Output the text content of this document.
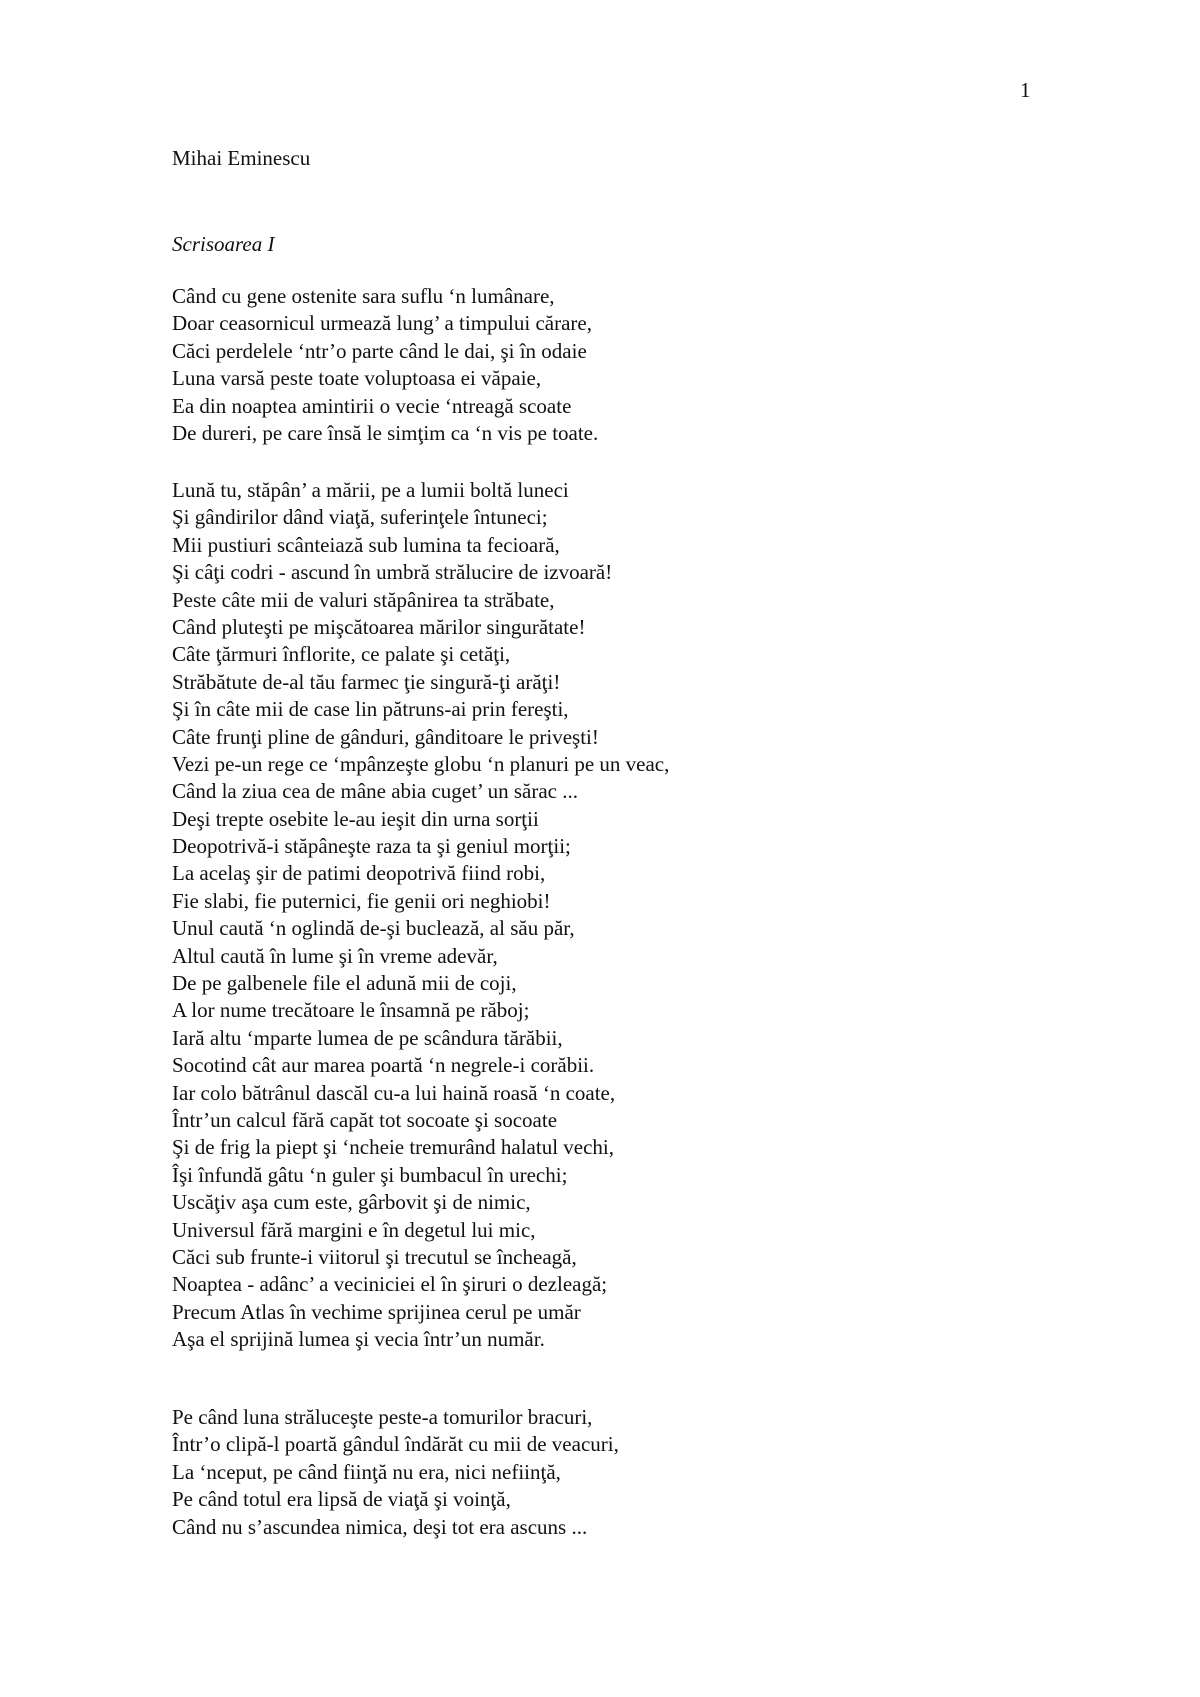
1
Mihai Eminescu
Scrisoarea I
Când cu gene ostenite sara suflu ‘n lumânare,
Doar ceasornicul urmează lung’ a timpului cărare,
Căci perdelele ‘ntr’o parte când le dai, şi în odaie
Luna varsă peste toate voluptoasa ei văpaie,
Ea din noaptea amintirii o vecie ‘ntreagă scoate
De dureri, pe care însă le simţim ca ‘n vis pe toate.
Lună tu, stăpân’ a mării, pe a lumii boltă luneci
Şi gândirilor dând viaţă, suferinţele întuneci;
Mii pustiuri scânteiază sub lumina ta fecioară,
Şi câţi codri - ascund în umbră strălucire de izvoară!
Peste câte mii de valuri stăpânirea ta străbate,
Când pluteşti pe mişcătoarea mărilor singurătate!
Câte ţărmuri înflorite, ce palate şi cetăţi,
Străbătute de-al tău farmec ţie singură-ţi arăţi!
Şi în câte mii de case lin pătruns-ai prin fereşti,
Câte frunţi pline de gânduri, gânditoare le priveşti!
Vezi pe-un rege ce ‘mpânzeşte globu ‘n planuri pe un veac,
Când la ziua cea de mâne abia cuget’ un sărac ...
Deşi trepte osebite le-au ieşit din urna sorţii
Deopotrivă-i stăpâneşte raza ta şi geniul morţii;
La acelaş şir de patimi deopotrivă fiind robi,
Fie slabi, fie puternici, fie genii ori neghiobi!
Unul caută ‘n oglindă de-şi buclează, al său păr,
Altul caută în lume şi în vreme adevăr,
De pe galbenele file el adună mii de coji,
A lor nume trecătoare le însamnă pe răboj;
Iară altu ‘mparte lumea de pe scândura tărăbii,
Socotind cât aur marea poartă ‘n negrele-i corăbii.
Iar colo bătrânul dascăl cu-a lui haină roasă ‘n coate,
Într’un calcul fără capăt tot socoate şi socoate
Şi de frig la piept şi ‘ncheie tremurând halatul vechi,
Îşi înfundă gâtu ‘n guler şi bumbacul în urechi;
Uscăţiv aşa cum este, gârbovit şi de nimic,
Universul fără margini e în degetul lui mic,
Căci sub frunte-i viitorul şi trecutul se încheagă,
Noaptea - adânc’ a veciniciei el în şiruri o dezleagă;
Precum Atlas în vechime sprijinea cerul pe umăr
Aşa el sprijină lumea şi vecia într’un număr.
Pe când luna străluceşte peste-a tomurilor bracuri,
Într’o clipă-l poartă gândul îndărăt cu mii de veacuri,
La ‘nceput, pe când fiinţă nu era, nici nefiinţă,
Pe când totul era lipsă de viaţă şi voinţă,
Când nu s’ascundea nimica, deşi tot era ascuns ...
